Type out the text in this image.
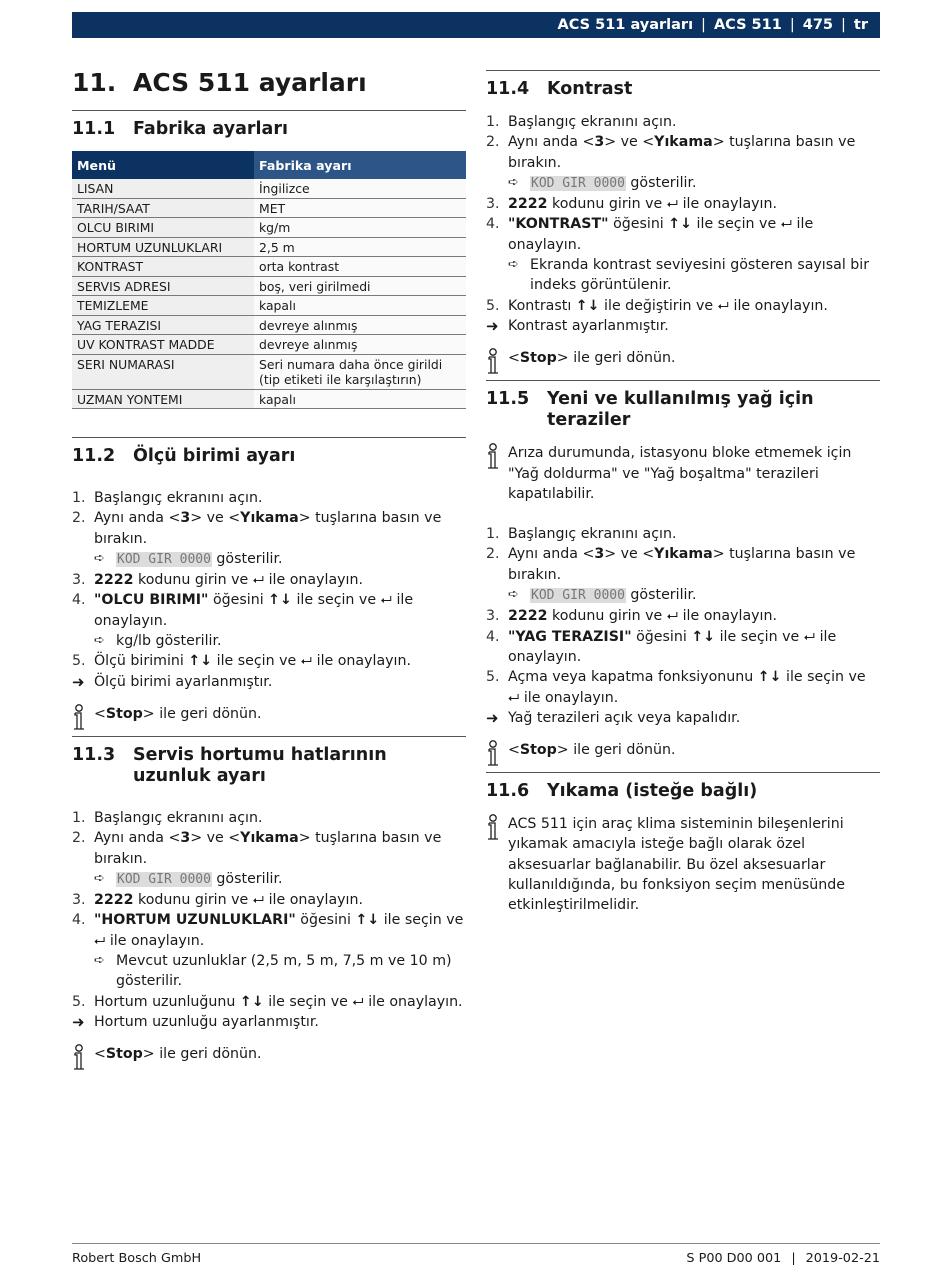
ACS 511 ayarları | ACS 511 | 475 | tr
11. ACS 511 ayarları
11.1	Fabrika ayarları
Menü	Fabrika ayarı
LISAN	İngilizce
TARIH/SAAT	MET
OLCU BIRIMI	kg/m
HORTUM UZUNLUKLARI	2,5 m
KONTRAST	orta kontrast
SERVIS ADRESI	boş, veri girilmedi
TEMIZLEME	kapalı
YAG TERAZISI	devreye alınmış
UV KONTRAST MADDE	devreye alınmış
SERI NUMARASI	Seri numara daha önce girildi (tip etiketi ile karşılaştırın)
UZMAN YONTEMI	kapalı
11.2	Ölçü birimi ayarı
1. Başlangıç ekranını açın.
2. Aynı anda <3> ve <Yıkama> tuşlarına basın ve bırakın.
➪ KOD GIR 0000 gösterilir.
3. 2222 kodunu girin ve ⮠ ile onaylayın.
4. "OLCU BIRIMI" öğesini ↑↓ ile seçin ve ⮠ ile onaylayın.
➪ kg/lb gösterilir.
5. Ölçü birimini ↑↓ ile seçin ve ⮠ ile onaylayın.
➜ Ölçü birimi ayarlanmıştır.
<Stop> ile geri dönün.
11.3	Servis hortumu hatlarının uzunluk ayarı
1. Başlangıç ekranını açın.
2. Aynı anda <3> ve <Yıkama> tuşlarına basın ve bırakın.
➪ KOD GIR 0000 gösterilir.
3. 2222 kodunu girin ve ⮠ ile onaylayın.
4. "HORTUM UZUNLUKLARI" öğesini ↑↓ ile seçin ve ⮠ ile onaylayın.
➪ Mevcut uzunluklar (2,5 m, 5 m, 7,5 m ve 10 m) gösterilir.
5. Hortum uzunluğunu ↑↓ ile seçin ve ⮠ ile onaylayın.
➜ Hortum uzunluğu ayarlanmıştır.
<Stop> ile geri dönün.
11.4	Kontrast
1. Başlangıç ekranını açın.
2. Aynı anda <3> ve <Yıkama> tuşlarına basın ve bırakın.
➪ KOD GIR 0000 gösterilir.
3. 2222 kodunu girin ve ⮠ ile onaylayın.
4. "KONTRAST" öğesini ↑↓ ile seçin ve ⮠ ile onaylayın.
➪ Ekranda kontrast seviyesini gösteren sayısal bir indeks görüntülenir.
5. Kontrastı ↑↓ ile değiştirin ve ⮠ ile onaylayın.
➜ Kontrast ayarlanmıştır.
<Stop> ile geri dönün.
11.5	Yeni ve kullanılmış yağ için teraziler
Arıza durumunda, istasyonu bloke etmemek için "Yağ doldurma" ve "Yağ boşaltma" terazileri kapatılabilir.
1. Başlangıç ekranını açın.
2. Aynı anda <3> ve <Yıkama> tuşlarına basın ve bırakın.
➪ KOD GIR 0000 gösterilir.
3. 2222 kodunu girin ve ⮠ ile onaylayın.
4. "YAG TERAZISI" öğesini ↑↓ ile seçin ve ⮠ ile onaylayın.
5. Açma veya kapatma fonksiyonunu ↑↓ ile seçin ve ⮠ ile onaylayın.
➜ Yağ terazileri açık veya kapalıdır.
<Stop> ile geri dönün.
11.6	Yıkama (isteğe bağlı)
ACS 511 için araç klima sisteminin bileşenlerini yıkamak amacıyla isteğe bağlı olarak özel aksesuarlar bağlanabilir. Bu özel aksesuarlar kullanıldığında, bu fonksiyon seçim menüsünde etkinleştirilmelidir.
Robert Bosch GmbH	S P00 D00 001 | 2019-02-21
